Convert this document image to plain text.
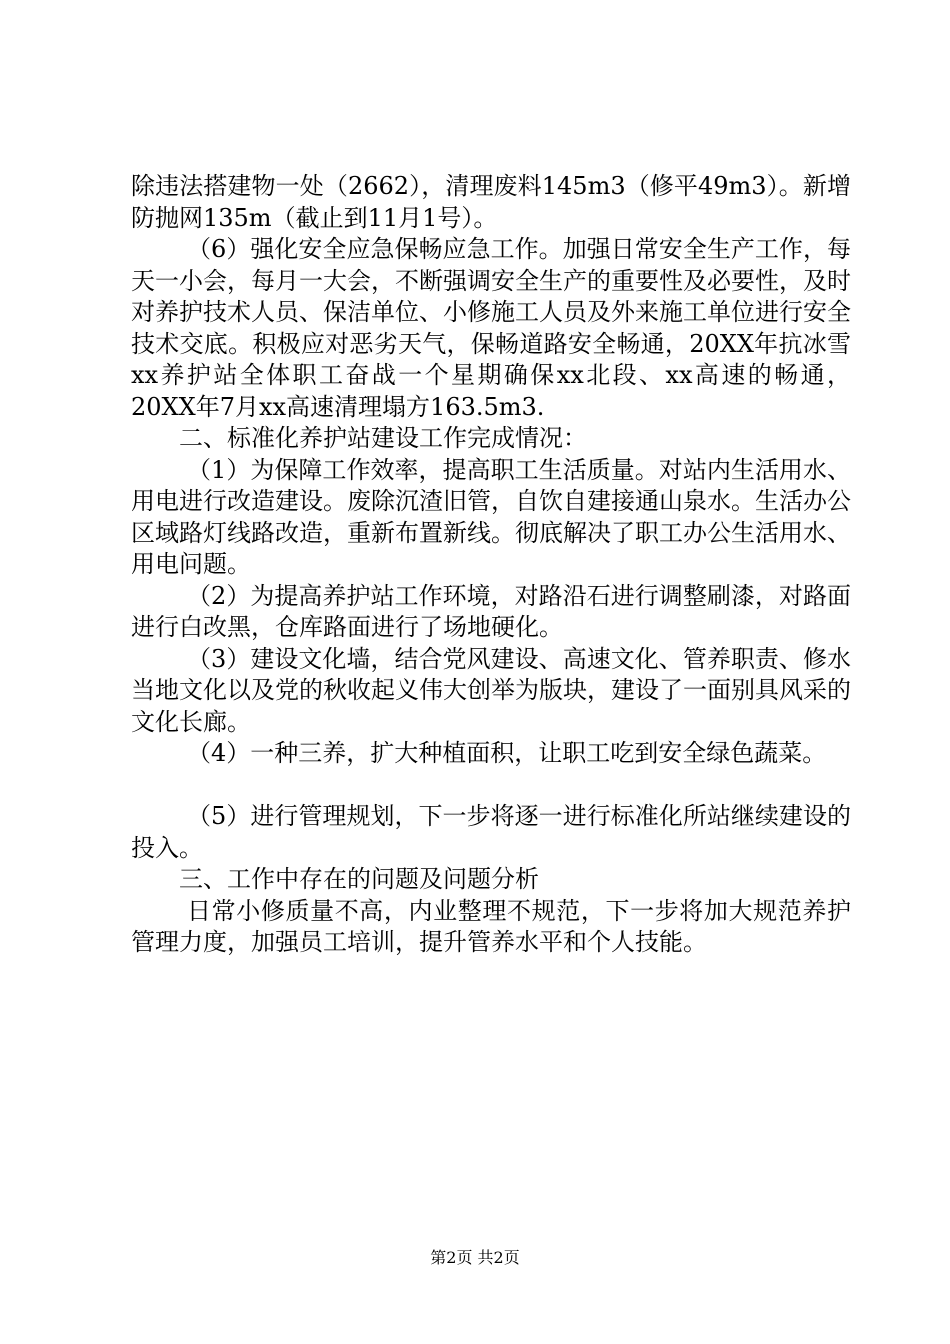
除违法搭建物一处（2662），清理废料145m3（修平49m3）。新增防抛网135m（截止到11月1号）。

（6）强化安全应急保畅应急工作。加强日常安全生产工作，每天一小会，每月一大会，不断强调安全生产的重要性及必要性，及时对养护技术人员、保洁单位、小修施工人员及外来施工单位进行安全技术交底。积极应对恶劣天气，保畅道路安全畅通，20XX年抗冰雪xx养护站全体职工奋战一个星期确保xx北段、xx高速的畅通，20XX年7月xx高速清理塌方163.5m3.

二、标准化养护站建设工作完成情况：

（1）为保障工作效率，提高职工生活质量。对站内生活用水、用电进行改造建设。废除沉渣旧管，自饮自建接通山泉水。生活办公区域路灯线路改造，重新布置新线。彻底解决了职工办公生活用水、用电问题。

（2）为提高养护站工作环境，对路沿石进行调整刷漆，对路面进行白改黑，仓库路面进行了场地硬化。

（3）建设文化墙，结合党风建设、高速文化、管养职责、修水当地文化以及党的秋收起义伟大创举为版块，建设了一面别具风采的文化长廊。

（4）一种三养，扩大种植面积，让职工吃到安全绿色蔬菜。

（5）进行管理规划，下一步将逐一进行标准化所站继续建设的投入。

三、工作中存在的问题及问题分析

日常小修质量不高，内业整理不规范，下一步将加大规范养护管理力度，加强员工培训，提升管养水平和个人技能。

第2页 共2页
